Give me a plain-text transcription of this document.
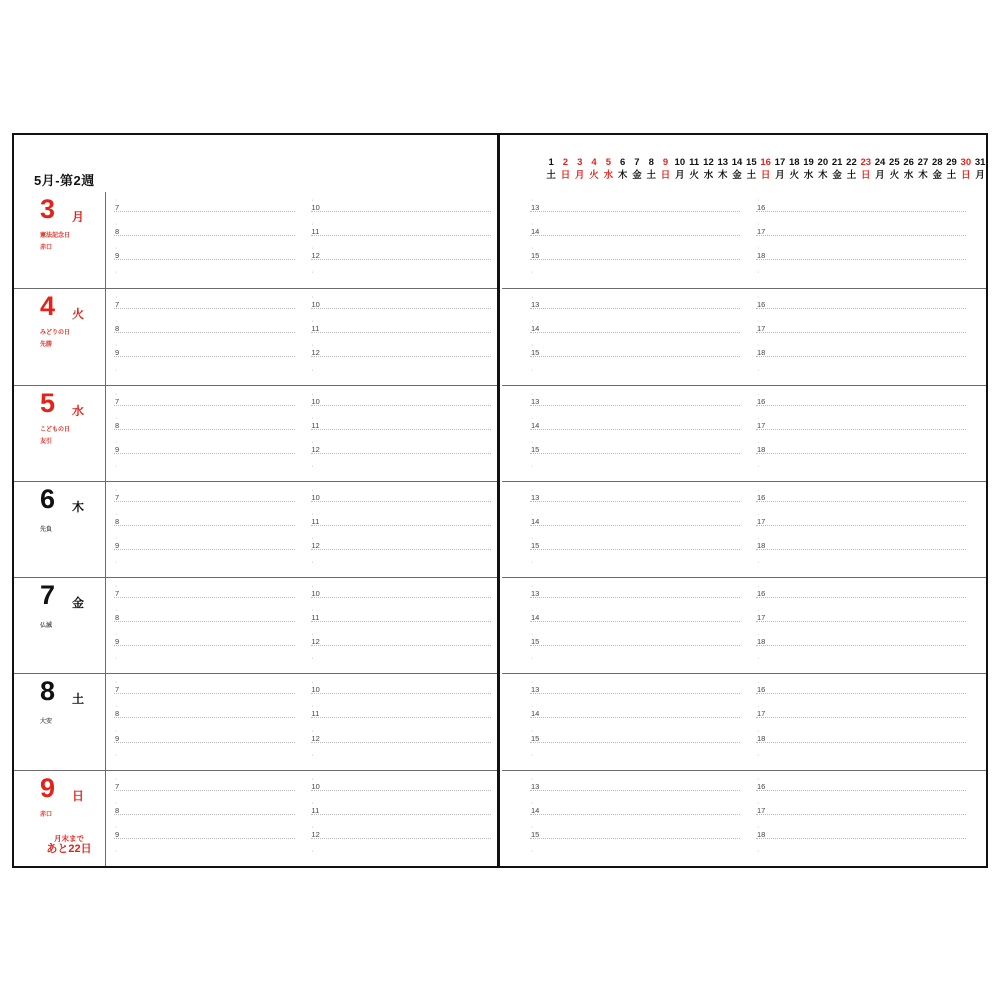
5月-第2週
3 月
憲法記念日
赤口
·
7
·
8
·
9
·
·
10
·
11
·
12
·
4 火
みどりの日
先勝
·
7
·
8
·
9
·
·
10
·
11
·
12
·
5 水
こどもの日
友引
·
7
·
8
·
9
·
·
10
·
11
·
12
·
6 木
先負
·
7
·
8
·
9
·
·
10
·
11
·
12
·
7 金
仏滅
·
7
·
8
·
9
·
·
10
·
11
·
12
·
8 土
大安
·
7
·
8
·
9
·
·
10
·
11
·
12
·
9 日
赤口
月末まで
あと22日
·
7
·
8
·
9
·
·
10
·
11
·
12
·
1
土
2
日
3
月
4
火
5
水
6
木
7
金
8
土
9
日
10
月
11
火
12
水
13
木
14
金
15
土
16
日
17
月
18
火
19
水
20
木
21
金
22
土
23
日
24
月
25
火
26
水
27
木
28
金
29
土
30
日
31
月
·
13
·
14
·
15
·
·
16
·
17
·
18
·
·
13
·
14
·
15
·
·
16
·
17
·
18
·
·
13
·
14
·
15
·
·
16
·
17
·
18
·
·
13
·
14
·
15
·
·
16
·
17
·
18
·
·
13
·
14
·
15
·
·
16
·
17
·
18
·
·
13
·
14
·
15
·
·
16
·
17
·
18
·
·
13
·
14
·
15
·
·
16
·
17
·
18
·
